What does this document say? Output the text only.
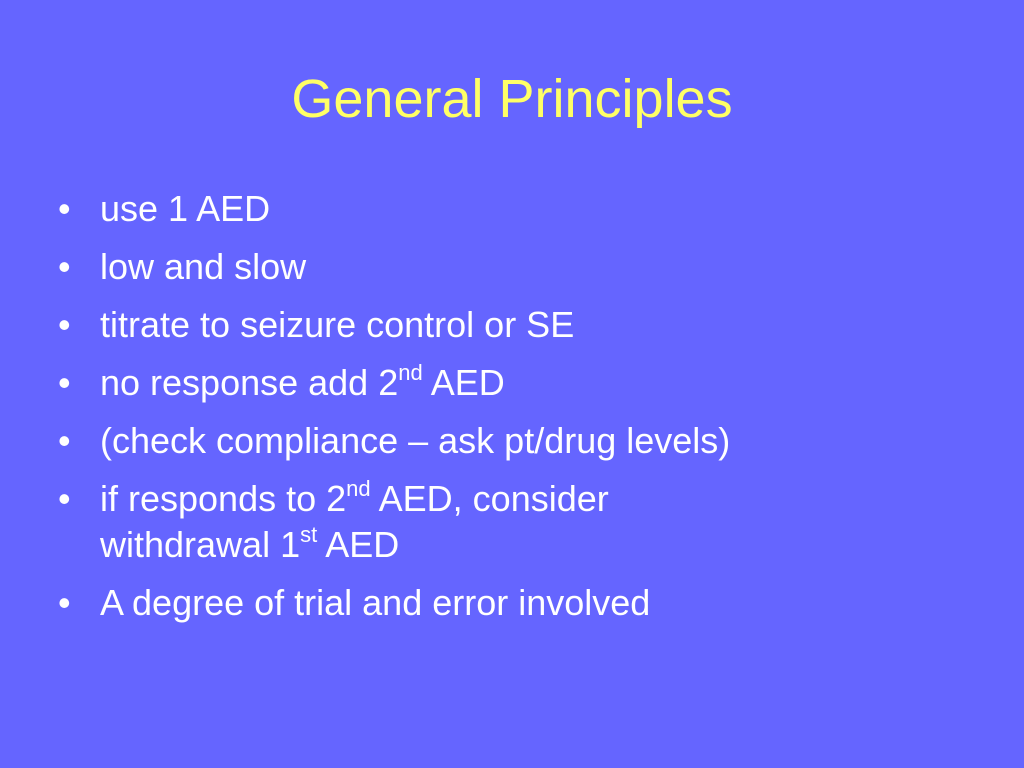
General Principles
• use 1 AED
• low and slow
• titrate to seizure control or SE
• no response add 2nd AED
• (check compliance – ask pt/drug levels)
• if responds to 2nd AED, consider
withdrawal 1st AED
• A degree of trial and error involved
